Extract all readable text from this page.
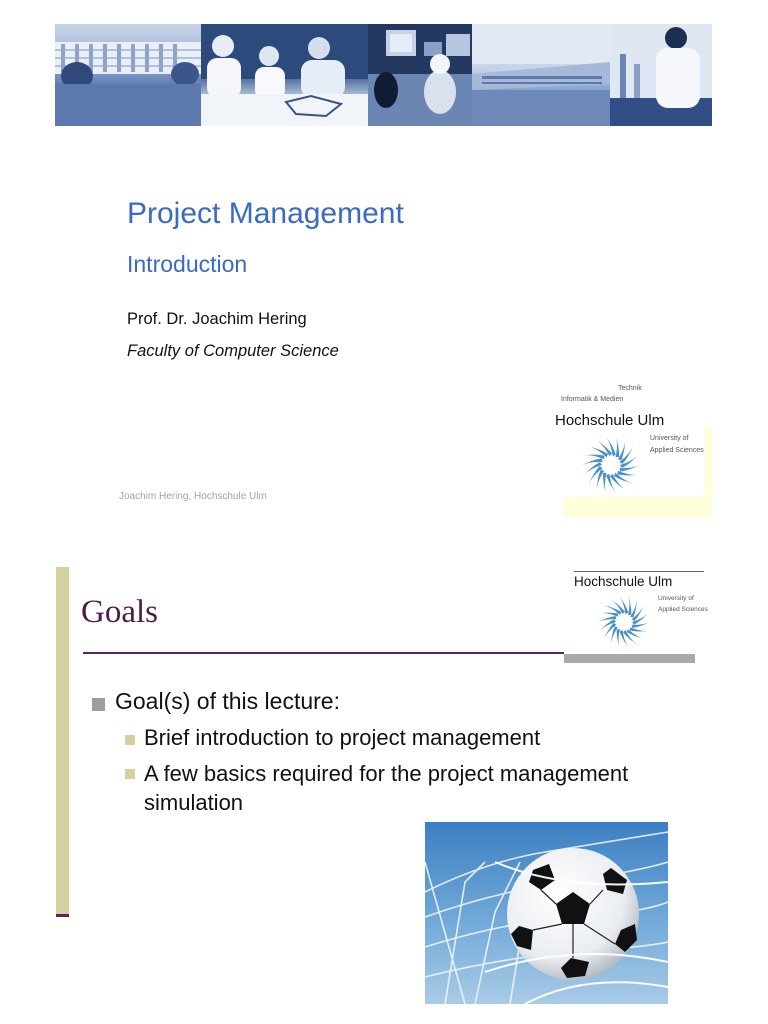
Project Management
Introduction
Prof. Dr. Joachim Hering
Faculty of Computer Science
Joachim Hering, Hochschule Ulm
Technik
Informatik & Medien
Hochschule Ulm
University of
Applied Sciences
Goals
Hochschule Ulm
University of
Applied Sciences
Goal(s) of this lecture:
Brief introduction to project management
A few basics required for the project management simulation
